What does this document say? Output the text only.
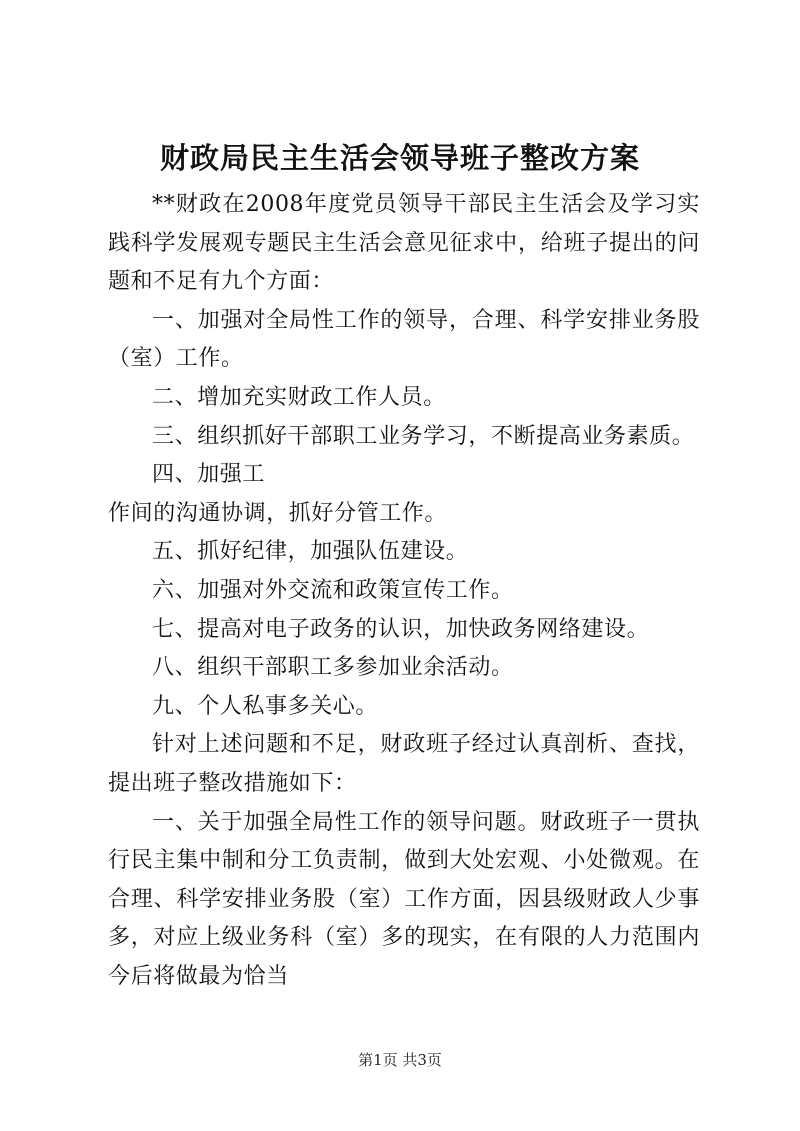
财政局民主生活会领导班子整改方案

**财政在2008年度党员领导干部民主生活会及学习实践科学发展观专题民主生活会意见征求中，给班子提出的问题和不足有九个方面：

一、加强对全局性工作的领导，合理、科学安排业务股（室）工作。

二、增加充实财政工作人员。

三、组织抓好干部职工业务学习，不断提高业务素质。

四、加强工

作间的沟通协调，抓好分管工作。

五、抓好纪律，加强队伍建设。

六、加强对外交流和政策宣传工作。

七、提高对电子政务的认识，加快政务网络建设。

八、组织干部职工多参加业余活动。

九、个人私事多关心。

针对上述问题和不足，财政班子经过认真剖析、查找，提出班子整改措施如下：

一、关于加强全局性工作的领导问题。财政班子一贯执行民主集中制和分工负责制，做到大处宏观、小处微观。在合理、科学安排业务股（室）工作方面，因县级财政人少事多，对应上级业务科（室）多的现实，在有限的人力范围内今后将做最为恰当

第1页 共3页
